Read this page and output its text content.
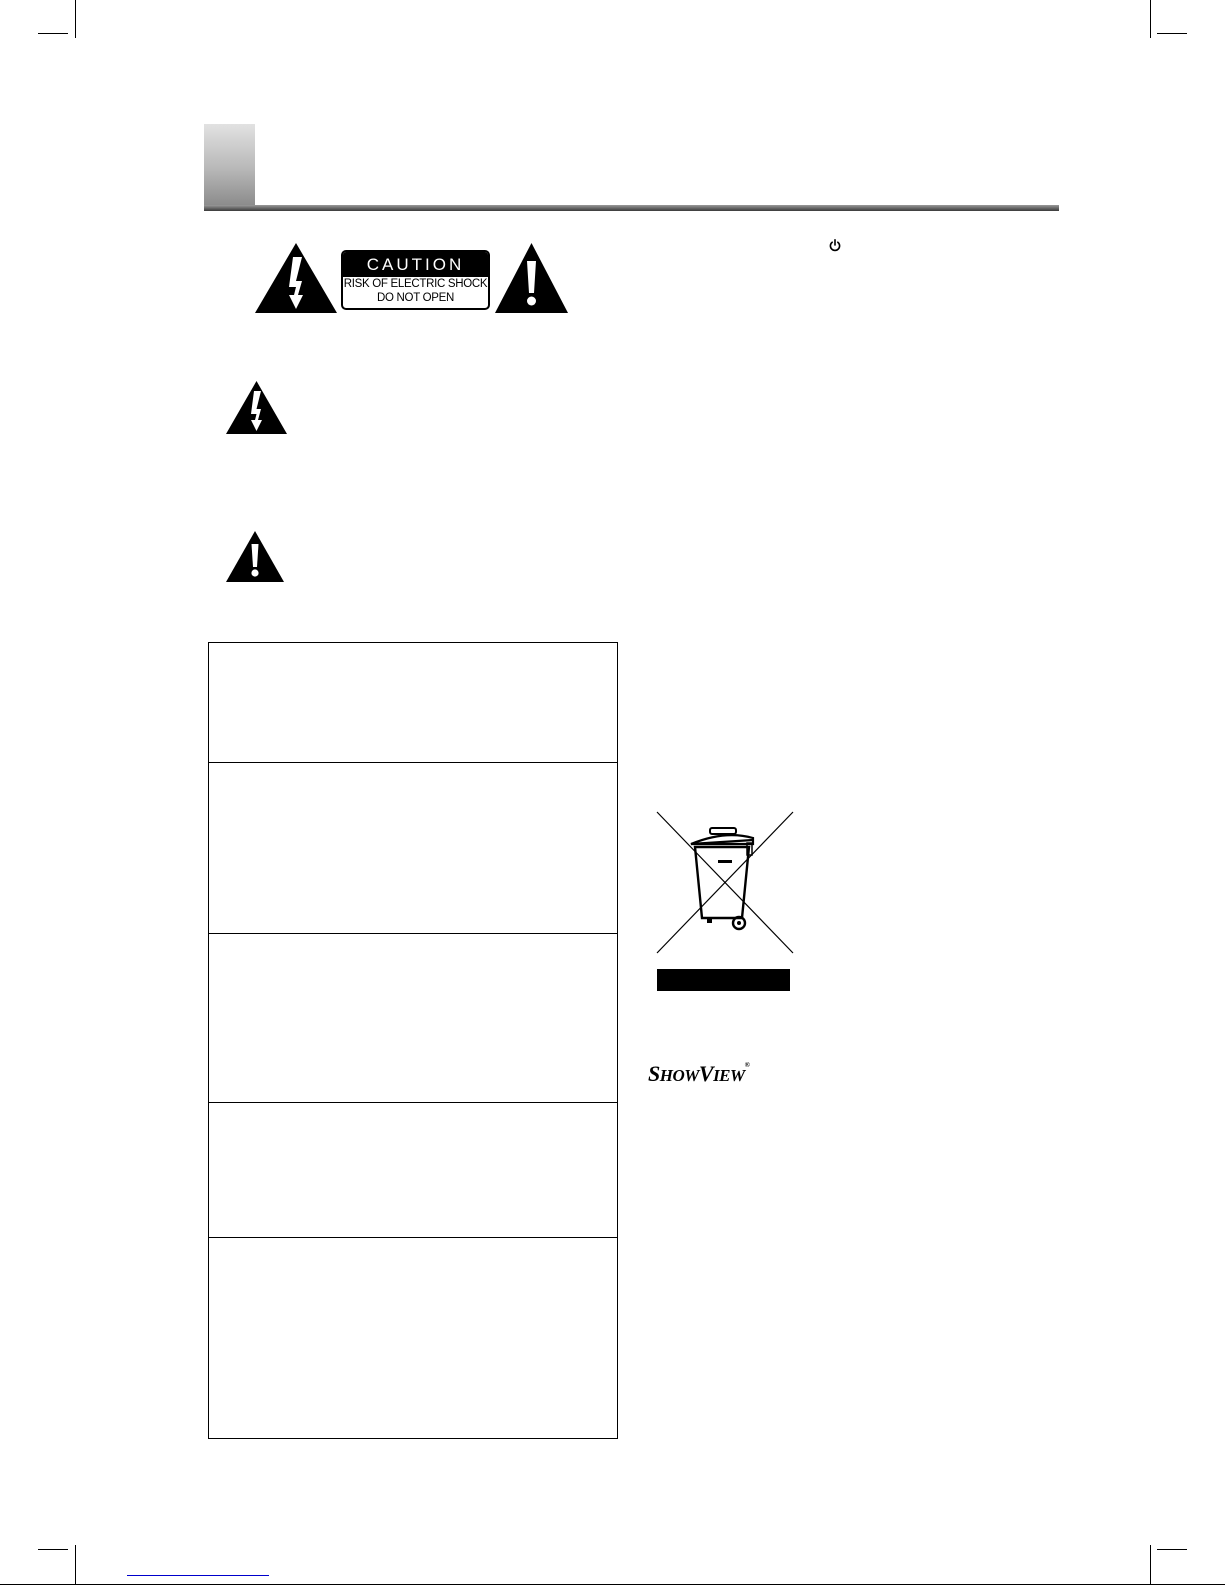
CAUTION
RISK OF ELECTRIC SHOCK
DO NOT OPEN
SHOWVIEW®
